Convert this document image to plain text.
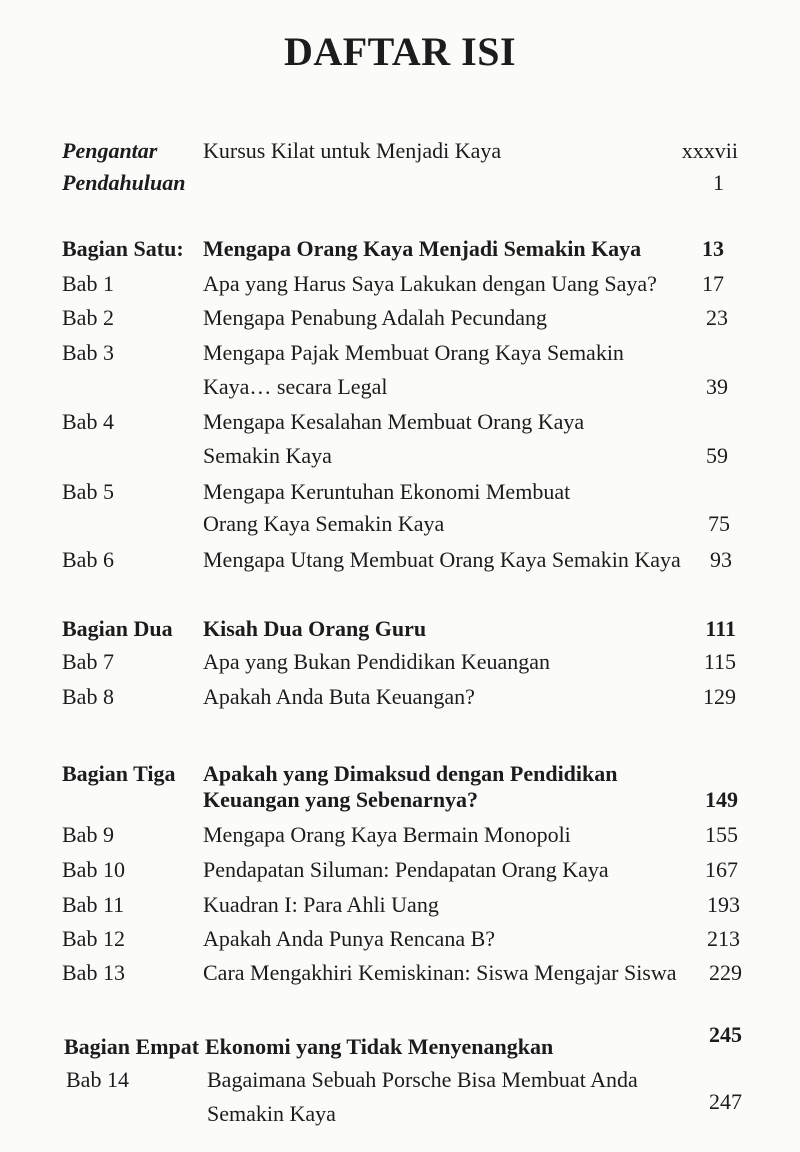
DAFTAR ISI
Pengantar Kursus Kilat untuk Menjadi Kaya	xxxvii
Pendahuluan	1
Bagian Satu: Mengapa Orang Kaya Menjadi Semakin Kaya	13
Bab 1	Apa yang Harus Saya Lakukan dengan Uang Saya? 17
Bab 2	Mengapa Penabung Adalah Pecundang	23
Bab 3	Mengapa Pajak Membuat Orang Kaya Semakin
Kaya… secara Legal	39
Bab 4	Mengapa Kesalahan Membuat Orang Kaya
Semakin Kaya	59
Bab 5	Mengapa Keruntuhan Ekonomi Membuat
Orang Kaya Semakin Kaya	75
Bab 6	Mengapa Utang Membuat Orang Kaya Semakin Kaya 93
Bagian Dua Kisah Dua Orang Guru	111
Bab 7	Apa yang Bukan Pendidikan Keuangan	115
Bab 8	Apakah Anda Buta Keuangan?	129
Bagian Tiga Apakah yang Dimaksud dengan Pendidikan
Keuangan yang Sebenarnya?	149
Bab 9	Mengapa Orang Kaya Bermain Monopoli	155
Bab 10	Pendapatan Siluman: Pendapatan Orang Kaya	167
Bab 11	Kuadran I: Para Ahli Uang	193
Bab 12	Apakah Anda Punya Rencana B?	213
Bab 13	Cara Mengakhiri Kemiskinan: Siswa Mengajar Siswa 229
Bagian Empat Ekonomi yang Tidak Menyenangkan	245
Bab 14	Bagaimana Sebuah Porsche Bisa Membuat Anda
Semakin Kaya	247
